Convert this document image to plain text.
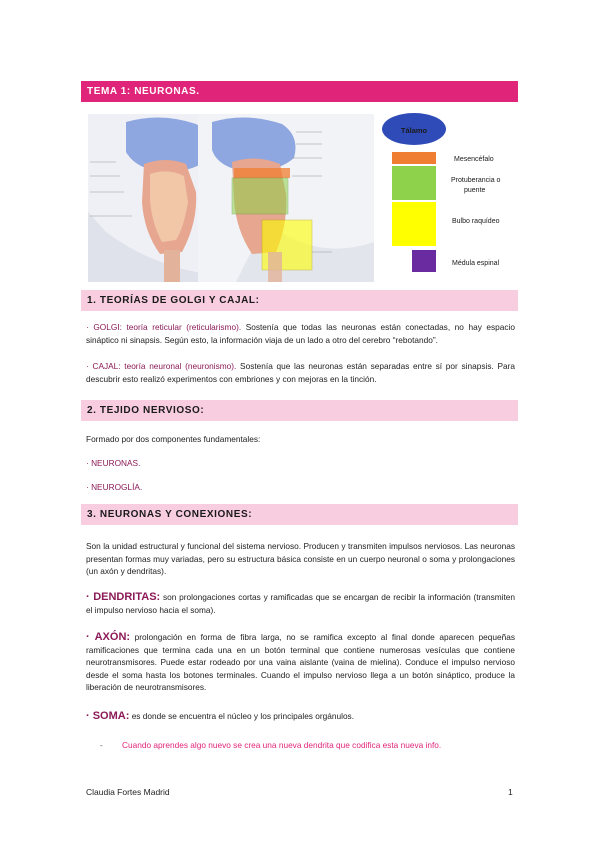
TEMA 1: NEURONAS.
Tálamo
Mesencéfalo
Protuberancia o
puente
Bulbo raquídeo
Médula espinal
1. TEORÍAS DE GOLGI Y CAJAL:

· GOLGI: teoría reticular (reticularismo). Sostenía que todas las neuronas están conectadas, no hay espacio sináptico ni sinapsis. Según esto, la información viaja de un lado a otro del cerebro “rebotando”.

· CAJAL: teoría neuronal (neuronismo). Sostenía que las neuronas están separadas entre sí por sinapsis. Para descubrir esto realizó experimentos con embriones y con mejoras en la tinción.

2. TEJIDO NERVIOSO:

Formado por dos componentes fundamentales:

· NEURONAS.

· NEUROGLÍA.

3. NEURONAS Y CONEXIONES:

Son la unidad estructural y funcional del sistema nervioso. Producen y transmiten impulsos nerviosos. Las neuronas presentan formas muy variadas, pero su estructura básica consiste en un cuerpo neuronal o soma y prolongaciones (un axón y dendritas).

· DENDRITAS: son prolongaciones cortas y ramificadas que se encargan de recibir la información (transmiten el impulso nervioso hacia el soma).

· AXÓN: prolongación en forma de fibra larga, no se ramifica excepto al final donde aparecen pequeñas ramificaciones que termina cada una en un botón terminal que contiene numerosas vesículas que contiene neurotransmisores. Puede estar rodeado por una vaina aislante (vaina de mielina). Conduce el impulso nervioso desde el soma hasta los botones terminales. Cuando el impulso nervioso llega a un botón sináptico, produce la liberación de neurotransmisores.

· SOMA: es donde se encuentra el núcleo y los principales orgánulos.

- Cuando aprendes algo nuevo se crea una nueva dendrita que codifica esta nueva info.
Claudia Fortes Madrid	1
